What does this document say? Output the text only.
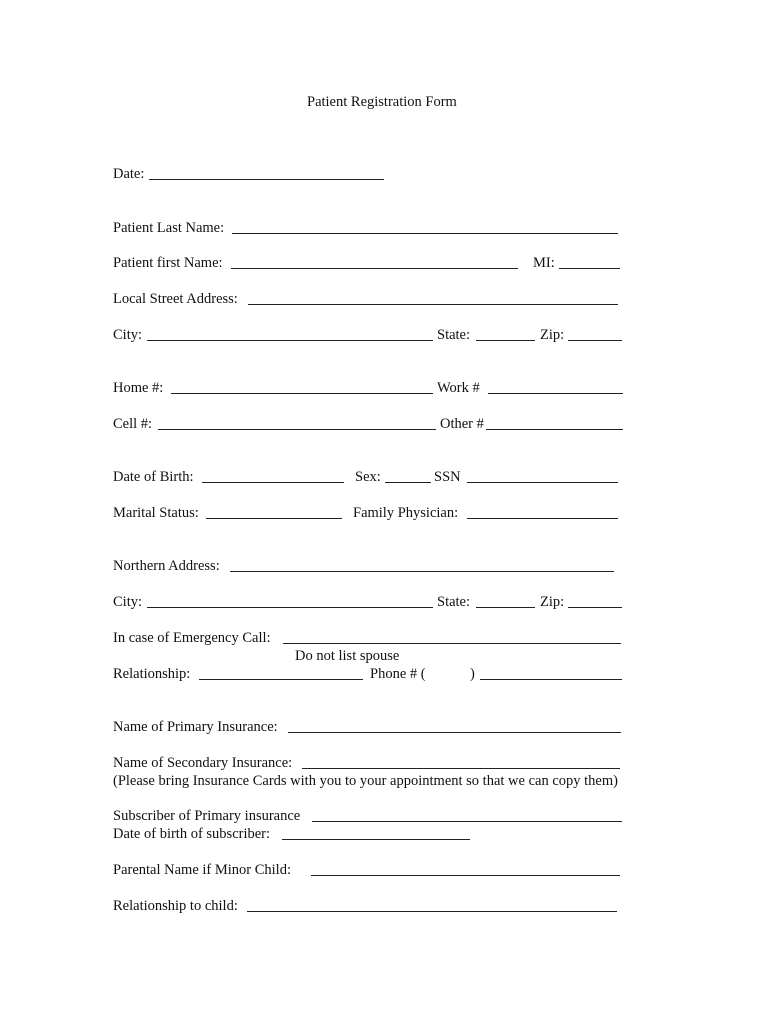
Patient Registration Form
Date:
Patient Last Name:
Patient first Name:	MI:
Local Street Address:
City:	State:	Zip:
Home #:	Work #
Cell #:	Other #
Date of Birth:	Sex:	SSN
Marital Status:	Family Physician:
Northern Address:
City:	State:	Zip:
In case of Emergency Call:
Do not list spouse
Relationship:	Phone # (	)
Name of Primary Insurance:
Name of Secondary Insurance:
(Please bring Insurance Cards with you to your appointment so that we can copy them)
Subscriber of Primary insurance
Date of birth of subscriber:
Parental Name if Minor Child:
Relationship to child:
